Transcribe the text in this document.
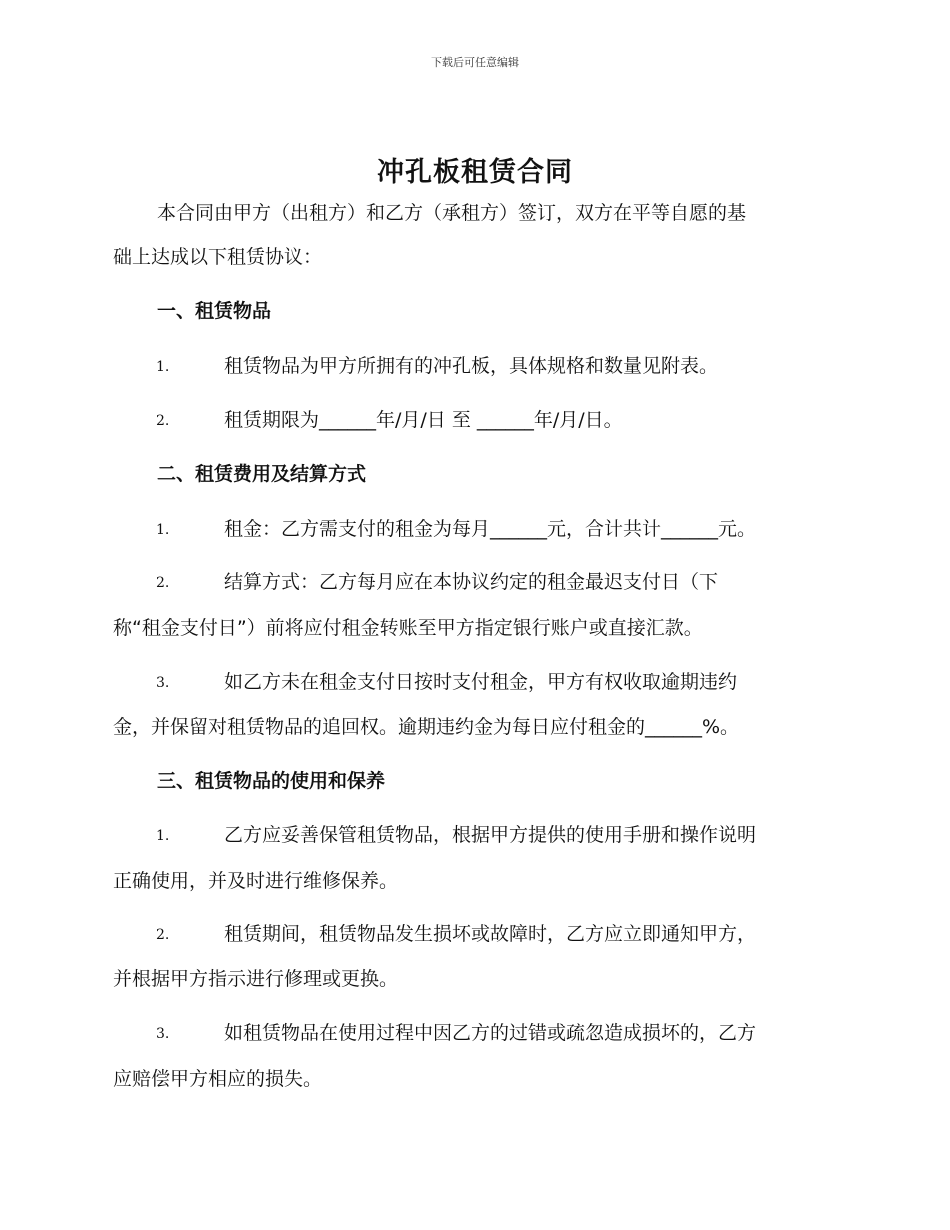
下载后可任意编辑
冲孔板租赁合同
本合同由甲方（出租方）和乙方（承租方）签订，双方在平等自愿的基
础上达成以下租赁协议：
一、租赁物品
1.	租赁物品为甲方所拥有的冲孔板，具体规格和数量见附表。
2.	租赁期限为______年/月/日 至 ______年/月/日。
二、租赁费用及结算方式
1.	租金：乙方需支付的租金为每月______元，合计共计______元。
2.	结算方式：乙方每月应在本协议约定的租金最迟支付日（下
称“租金支付日”）前将应付租金转账至甲方指定银行账户或直接汇款。
3.	如乙方未在租金支付日按时支付租金，甲方有权收取逾期违约
金，并保留对租赁物品的追回权。逾期违约金为每日应付租金的______%。
三、租赁物品的使用和保养
1.	乙方应妥善保管租赁物品，根据甲方提供的使用手册和操作说明
正确使用，并及时进行维修保养。
2.	租赁期间，租赁物品发生损坏或故障时，乙方应立即通知甲方，
并根据甲方指示进行修理或更换。
3.	如租赁物品在使用过程中因乙方的过错或疏忽造成损坏的，乙方
应赔偿甲方相应的损失。
